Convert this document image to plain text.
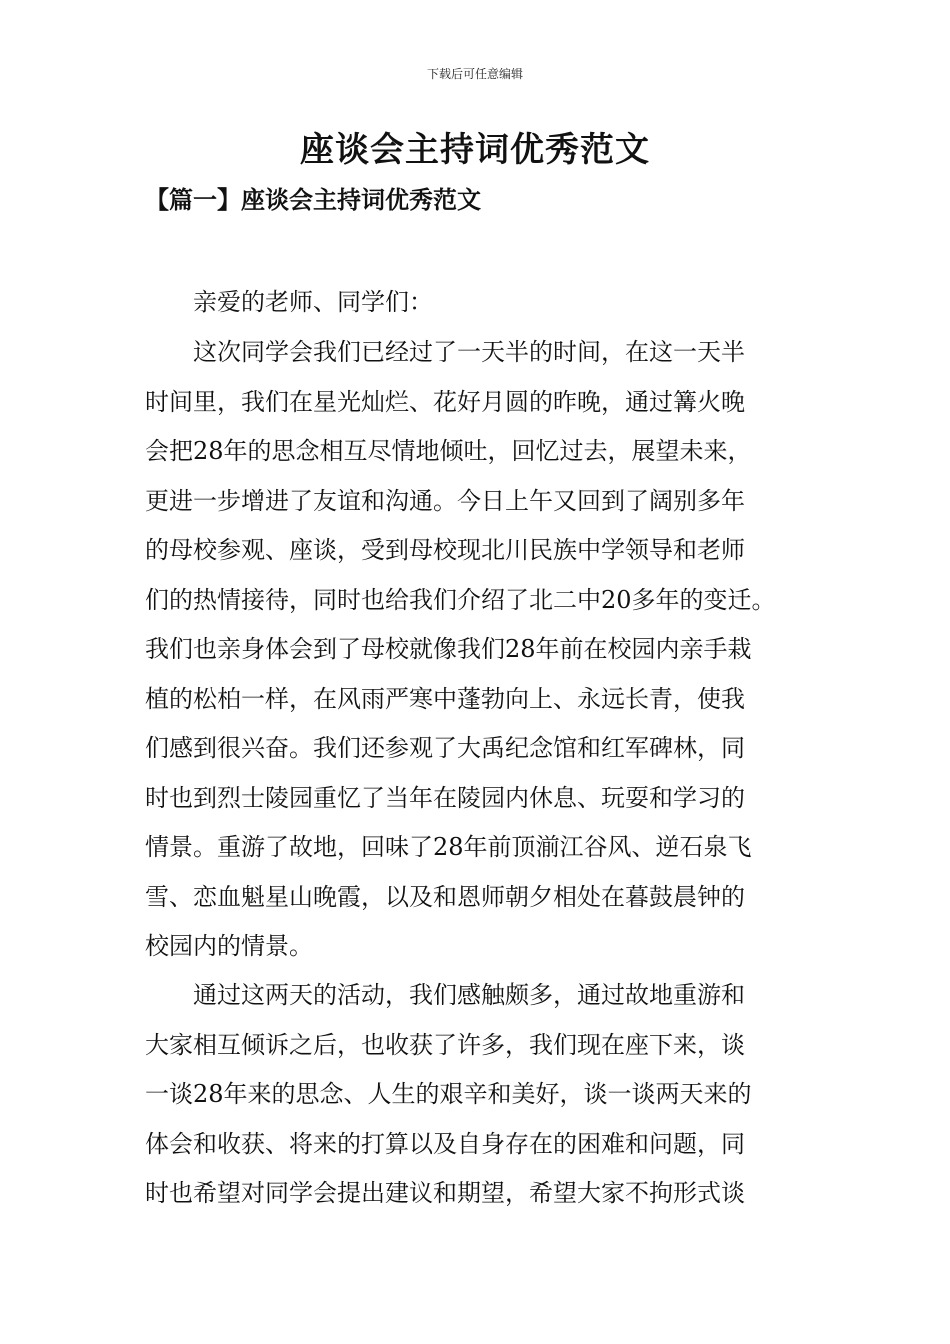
下载后可任意编辑
座谈会主持词优秀范文
【篇一】座谈会主持词优秀范文

亲爱的老师、同学们：

这次同学会我们已经过了一天半的时间，在这一天半
时间里，我们在星光灿烂、花好月圆的昨晚，通过篝火晚
会把28年的思念相互尽情地倾吐，回忆过去，展望未来，
更进一步增进了友谊和沟通。今日上午又回到了阔别多年
的母校参观、座谈，受到母校现北川民族中学领导和老师
们的热情接待，同时也给我们介绍了北二中20多年的变迁。
我们也亲身体会到了母校就像我们28年前在校园内亲手栽
植的松柏一样，在风雨严寒中蓬勃向上、永远长青，使我
们感到很兴奋。我们还参观了大禹纪念馆和红军碑林，同
时也到烈士陵园重忆了当年在陵园内休息、玩耍和学习的
情景。重游了故地，回味了28年前顶湔江谷风、逆石泉飞
雪、恋血魁星山晚霞，以及和恩师朝夕相处在暮鼓晨钟的
校园内的情景。
通过这两天的活动，我们感触颇多，通过故地重游和
大家相互倾诉之后，也收获了许多，我们现在座下来，谈
一谈28年来的思念、人生的艰辛和美好，谈一谈两天来的
体会和收获、将来的打算以及自身存在的困难和问题，同
时也希望对同学会提出建议和期望，希望大家不拘形式谈
